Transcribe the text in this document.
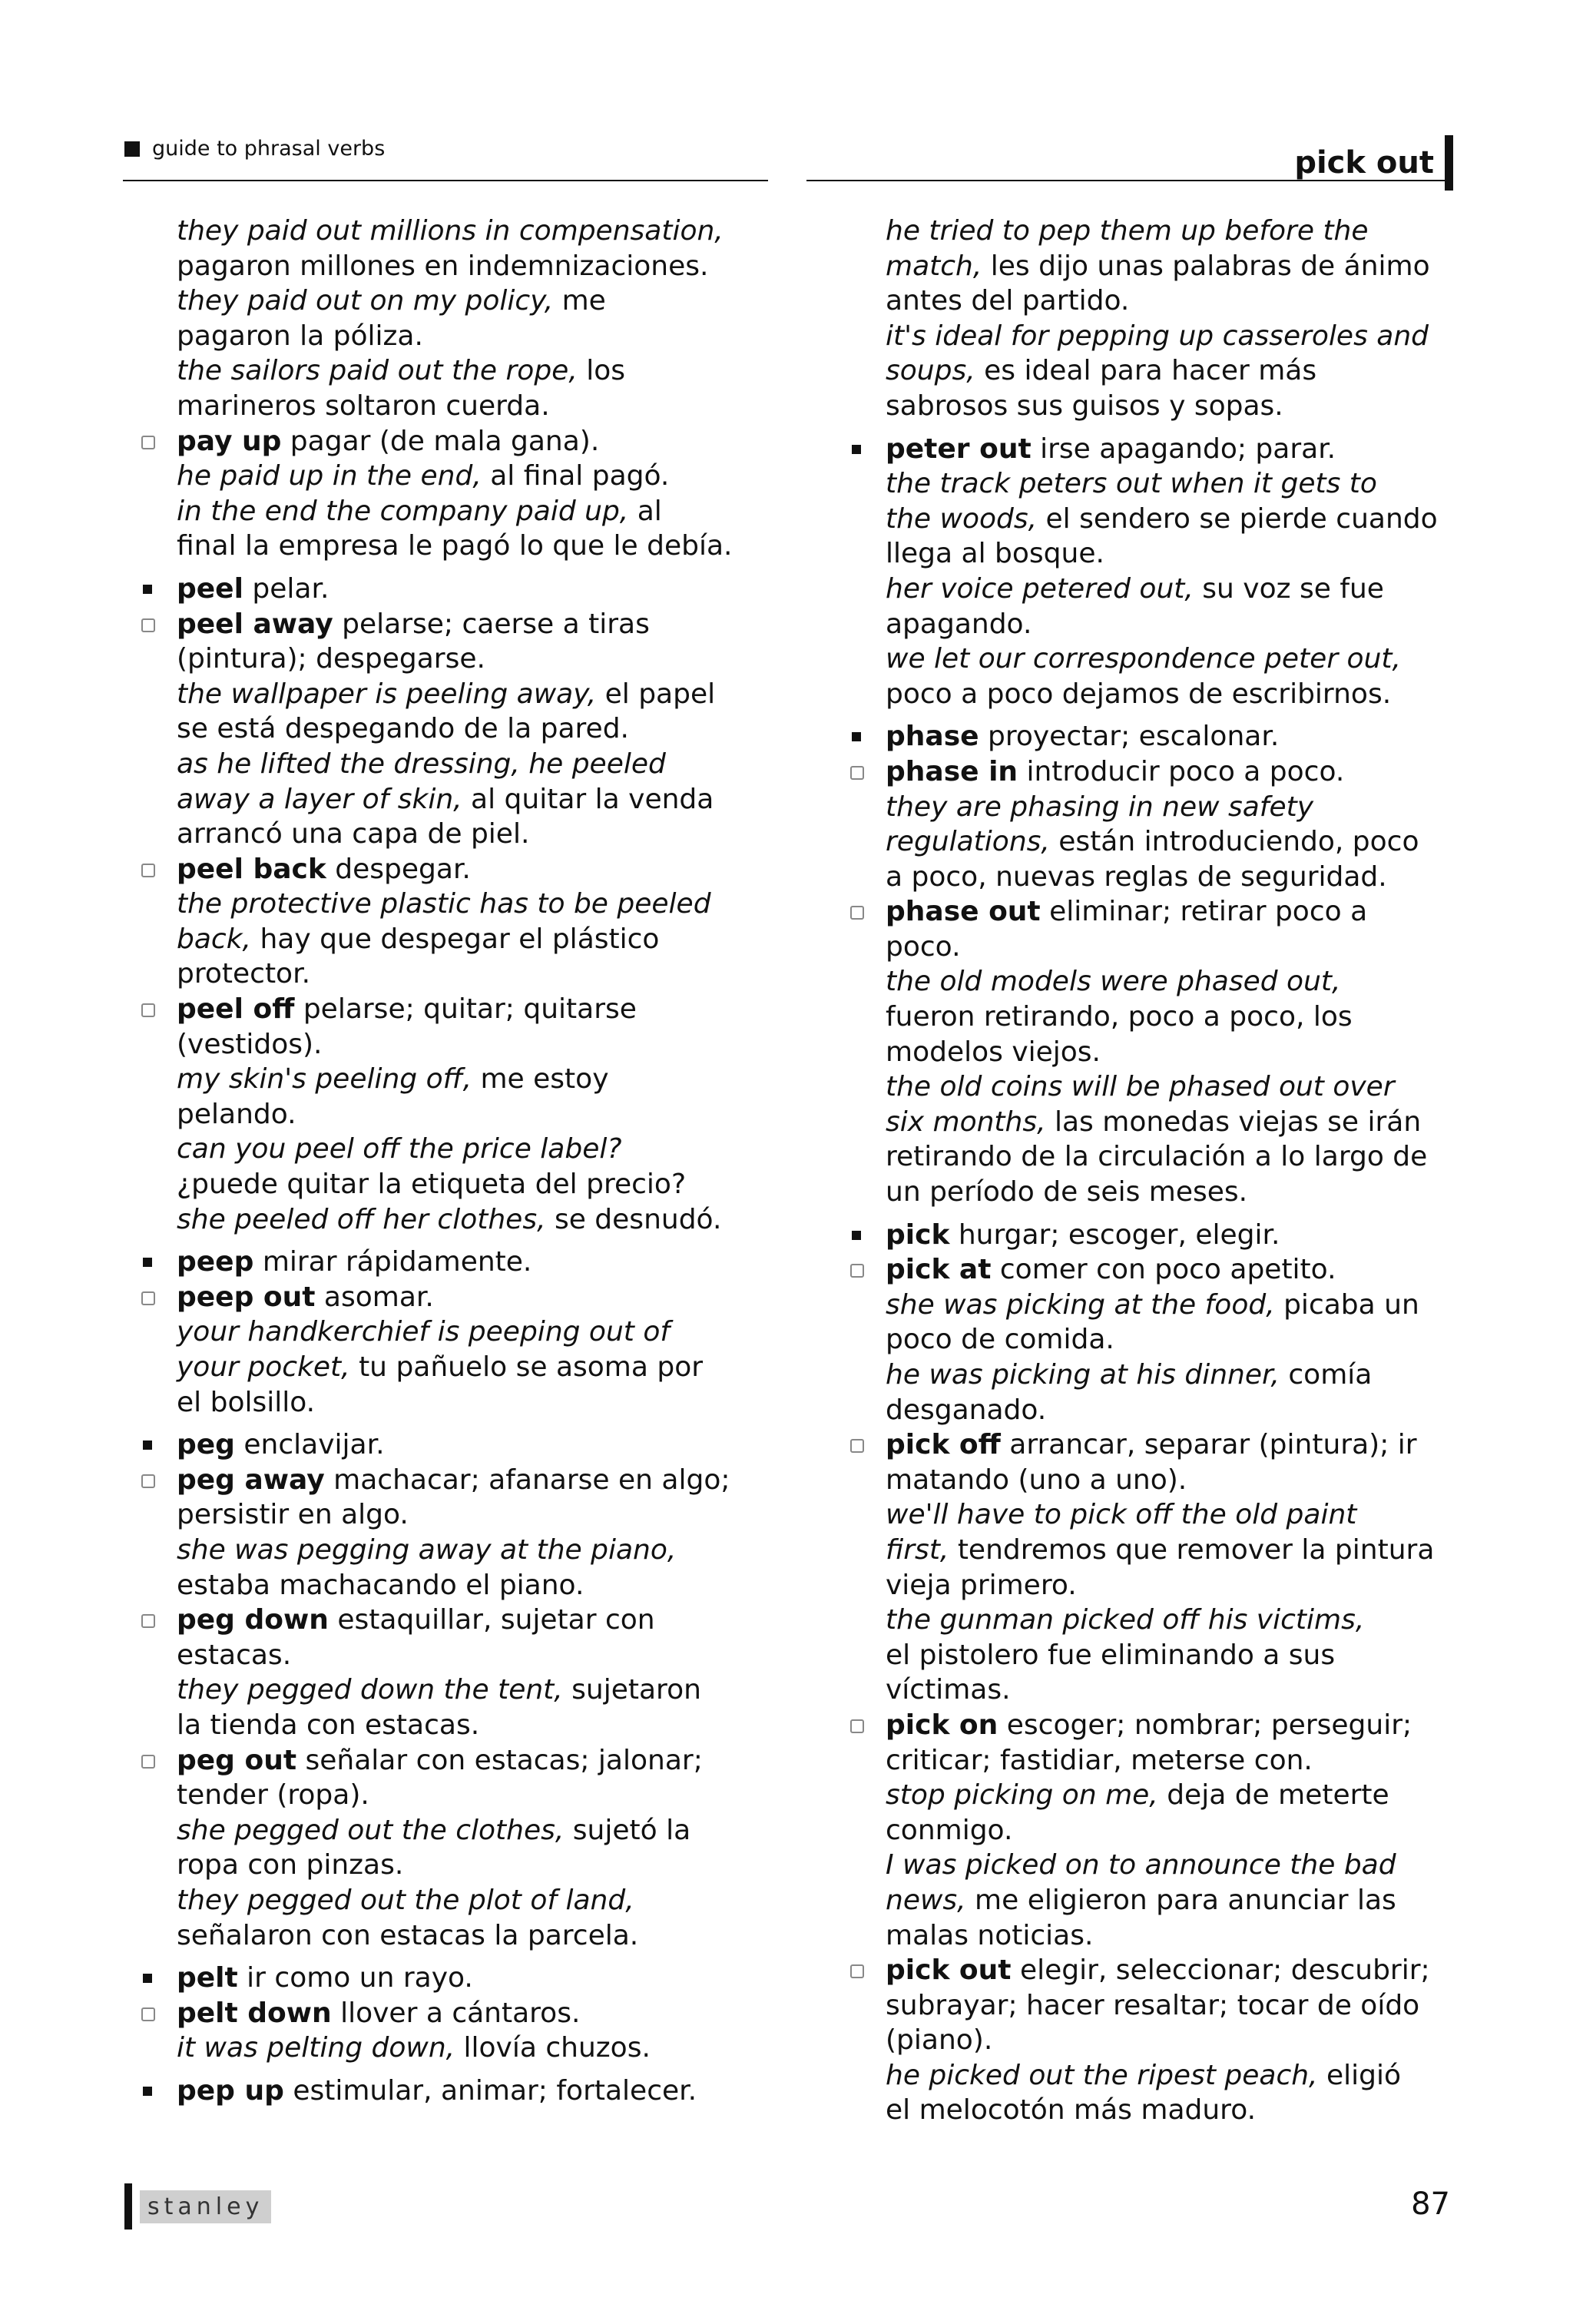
guide to phrasal verbs	pick out
they paid out millions in compensation,
pagaron millones en indemnizaciones.
they paid out on my policy, me
pagaron la póliza.
the sailors paid out the rope, los
marineros soltaron cuerda.
pay up pagar (de mala gana).
he paid up in the end, al final pagó.
in the end the company paid up, al
final la empresa le pagó lo que le debía.
peel pelar.
peel away pelarse; caerse a tiras
(pintura); despegarse.
the wallpaper is peeling away, el papel
se está despegando de la pared.
as he lifted the dressing, he peeled
away a layer of skin, al quitar la venda
arrancó una capa de piel.
peel back despegar.
the protective plastic has to be peeled
back, hay que despegar el plástico
protector.
peel off pelarse; quitar; quitarse
(vestidos).
my skin's peeling off, me estoy
pelando.
can you peel off the price label?
¿puede quitar la etiqueta del precio?
she peeled off her clothes, se desnudó.
peep mirar rápidamente.
peep out asomar.
your handkerchief is peeping out of
your pocket, tu pañuelo se asoma por
el bolsillo.
peg enclavijar.
peg away machacar; afanarse en algo;
persistir en algo.
she was pegging away at the piano,
estaba machacando el piano.
peg down estaquillar, sujetar con
estacas.
they pegged down the tent, sujetaron
la tienda con estacas.
peg out señalar con estacas; jalonar;
tender (ropa).
she pegged out the clothes, sujetó la
ropa con pinzas.
they pegged out the plot of land,
señalaron con estacas la parcela.
pelt ir como un rayo.
pelt down llover a cántaros.
it was pelting down, llovía chuzos.
pep up estimular, animar; fortalecer.
he tried to pep them up before the
match, les dijo unas palabras de ánimo
antes del partido.
it's ideal for pepping up casseroles and
soups, es ideal para hacer más
sabrosos sus guisos y sopas.
peter out irse apagando; parar.
the track peters out when it gets to
the woods, el sendero se pierde cuando
llega al bosque.
her voice petered out, su voz se fue
apagando.
we let our correspondence peter out,
poco a poco dejamos de escribirnos.
phase proyectar; escalonar.
phase in introducir poco a poco.
they are phasing in new safety
regulations, están introduciendo, poco
a poco, nuevas reglas de seguridad.
phase out eliminar; retirar poco a
poco.
the old models were phased out,
fueron retirando, poco a poco, los
modelos viejos.
the old coins will be phased out over
six months, las monedas viejas se irán
retirando de la circulación a lo largo de
un período de seis meses.
pick hurgar; escoger, elegir.
pick at comer con poco apetito.
she was picking at the food, picaba un
poco de comida.
he was picking at his dinner, comía
desganado.
pick off arrancar, separar (pintura); ir
matando (uno a uno).
we'll have to pick off the old paint
first, tendremos que remover la pintura
vieja primero.
the gunman picked off his victims,
el pistolero fue eliminando a sus
víctimas.
pick on escoger; nombrar; perseguir;
criticar; fastidiar, meterse con.
stop picking on me, deja de meterte
conmigo.
I was picked on to announce the bad
news, me eligieron para anunciar las
malas noticias.
pick out elegir, seleccionar; descubrir;
subrayar; hacer resaltar; tocar de oído
(piano).
he picked out the ripest peach, eligió
el melocotón más maduro.
stanley	87
